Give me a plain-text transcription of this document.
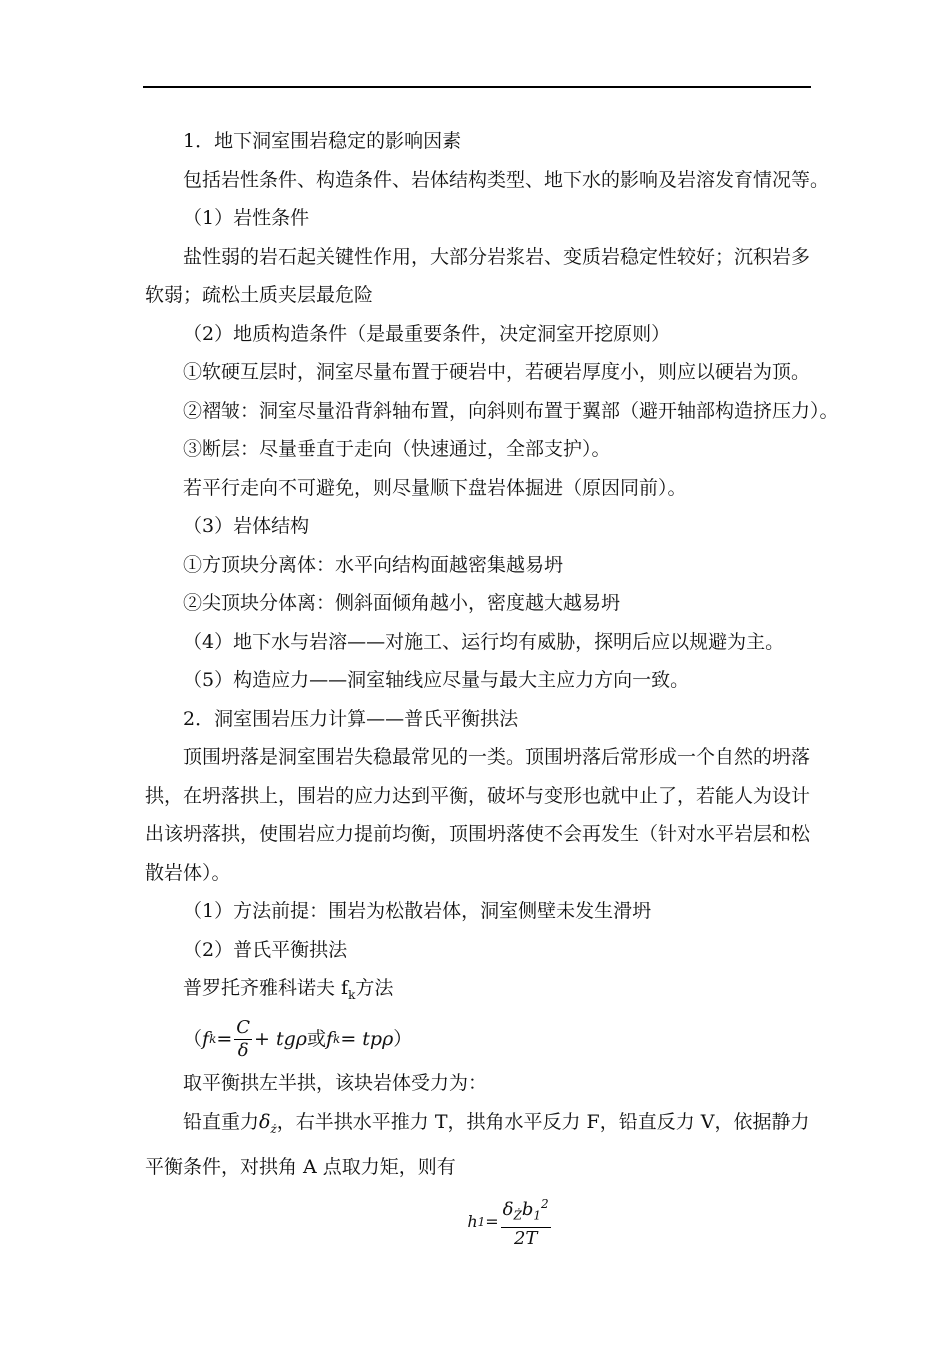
1．地下洞室围岩稳定的影响因素
包括岩性条件、构造条件、岩体结构类型、地下水的影响及岩溶发育情况等。
（1）岩性条件
盐性弱的岩石起关键性作用，大部分岩浆岩、变质岩稳定性较好；沉积岩多软弱；疏松土质夹层最危险
（2）地质构造条件（是最重要条件，决定洞室开挖原则）
①软硬互层时，洞室尽量布置于硬岩中，若硬岩厚度小，则应以硬岩为顶。
②褶皱：洞室尽量沿背斜轴布置，向斜则布置于翼部（避开轴部构造挤压力）。
③断层：尽量垂直于走向（快速通过，全部支护）。
若平行走向不可避免，则尽量顺下盘岩体掘进（原因同前）。
（3）岩体结构
①方顶块分离体：水平向结构面越密集越易坍
②尖顶块分体离：侧斜面倾角越小，密度越大越易坍
（4）地下水与岩溶——对施工、运行均有威胁，探明后应以规避为主。
（5）构造应力——洞室轴线应尽量与最大主应力方向一致。
2．洞室围岩压力计算——普氏平衡拱法
顶围坍落是洞室围岩失稳最常见的一类。顶围坍落后常形成一个自然的坍落拱，在坍落拱上，围岩的应力达到平衡，破坏与变形也就中止了，若能人为设计出该坍落拱，使围岩应力提前均衡，顶围坍落使不会再发生（针对水平岩层和松散岩体）。
（1）方法前提：围岩为松散岩体，洞室侧壁未发生滑坍
（2）普氏平衡拱法
普罗托齐雅科诺夫 $f_k$方法
（ f $k = \frac{C}{\delta} + tg\rho$ 或 f k = tpρ ）
取平衡拱左半拱，该块岩体受力为：
铅直重力$\delta_ż$，右半拱水平推力 T，拱角水平反力 F，铅直反力 V，依据静力平衡条件，对拱角 A 点取力矩，则有
h $1 = \frac{\delta_Żb_1^2}{2T}$
